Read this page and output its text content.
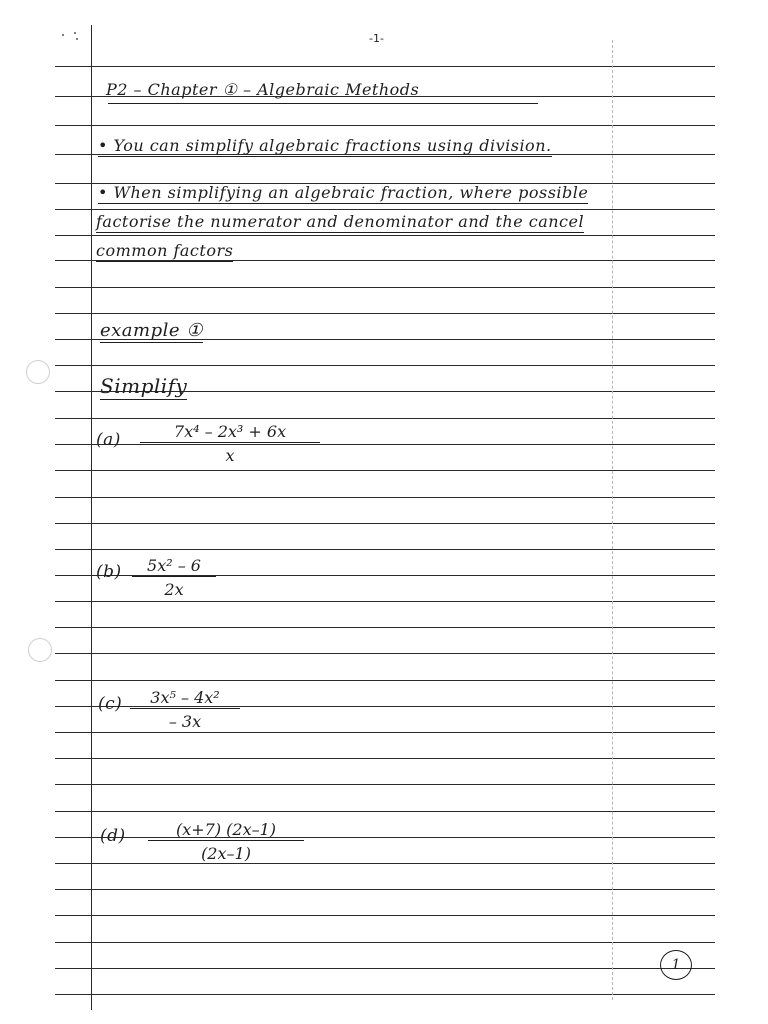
-1-
P2 – Chapter ① – Algebraic Methods
• You can simplify algebraic fractions using division.
• When simplifying an algebraic fraction, where possible
factorise the numerator and denominator and the cancel
common factors
example ①
Simplify
$(a) \frac{\text{7x⁴ – 2x³ + 6x}}{x}$
$(b) \frac{\text{5x² – 6}}{2x}$
$(c) \frac{\text{3x⁵ – 4x²}}{- 3x}$
$(d) \frac{(x+7) (2x-1)}{(2x-1)}$
1
